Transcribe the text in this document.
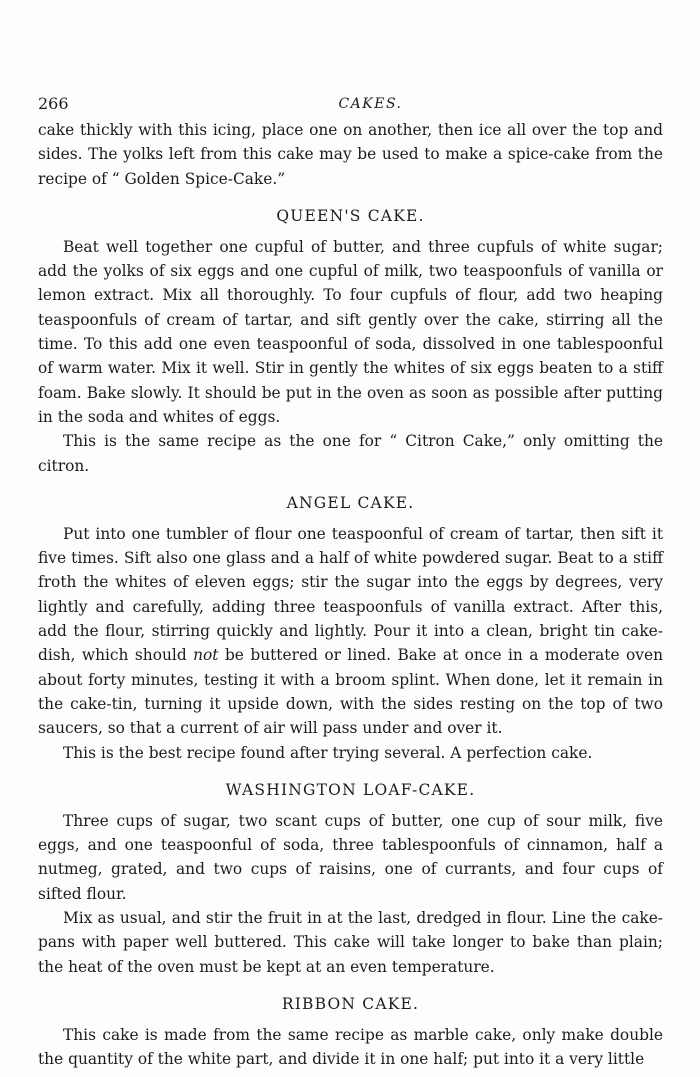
266	CAKES.

cake thickly with this icing, place one on another, then ice all over the top and sides. The yolks left from this cake may be used to make a spice-cake from the recipe of “ Golden Spice-Cake.”

QUEEN'S CAKE.

Beat well together one cupful of butter, and three cupfuls of white sugar; add the yolks of six eggs and one cupful of milk, two teaspoonfuls of vanilla or lemon extract. Mix all thoroughly. To four cupfuls of flour, add two heaping teaspoonfuls of cream of tartar, and sift gently over the cake, stirring all the time. To this add one even teaspoonful of soda, dissolved in one tablespoonful of warm water. Mix it well. Stir in gently the whites of six eggs beaten to a stiff foam. Bake slowly. It should be put in the oven as soon as possible after putting in the soda and whites of eggs.

This is the same recipe as the one for “ Citron Cake,” only omitting the citron.

ANGEL CAKE.

Put into one tumbler of flour one teaspoonful of cream of tartar, then sift it five times. Sift also one glass and a half of white powdered sugar. Beat to a stiff froth the whites of eleven eggs; stir the sugar into the eggs by degrees, very lightly and carefully, adding three teaspoonfuls of vanilla extract. After this, add the flour, stirring quickly and lightly. Pour it into a clean, bright tin cake-dish, which should not be buttered or lined. Bake at once in a moderate oven about forty minutes, testing it with a broom splint. When done, let it remain in the cake-tin, turning it upside down, with the sides resting on the top of two saucers, so that a current of air will pass under and over it.

This is the best recipe found after trying several. A perfection cake.

WASHINGTON LOAF-CAKE.

Three cups of sugar, two scant cups of butter, one cup of sour milk, five eggs, and one teaspoonful of soda, three tablespoonfuls of cinnamon, half a nutmeg, grated, and two cups of raisins, one of currants, and four cups of sifted flour.

Mix as usual, and stir the fruit in at the last, dredged in flour. Line the cake-pans with paper well buttered. This cake will take longer to bake than plain; the heat of the oven must be kept at an even temperature.

RIBBON CAKE.

This cake is made from the same recipe as marble cake, only make double the quantity of the white part, and divide it in one half; put into it a very little
